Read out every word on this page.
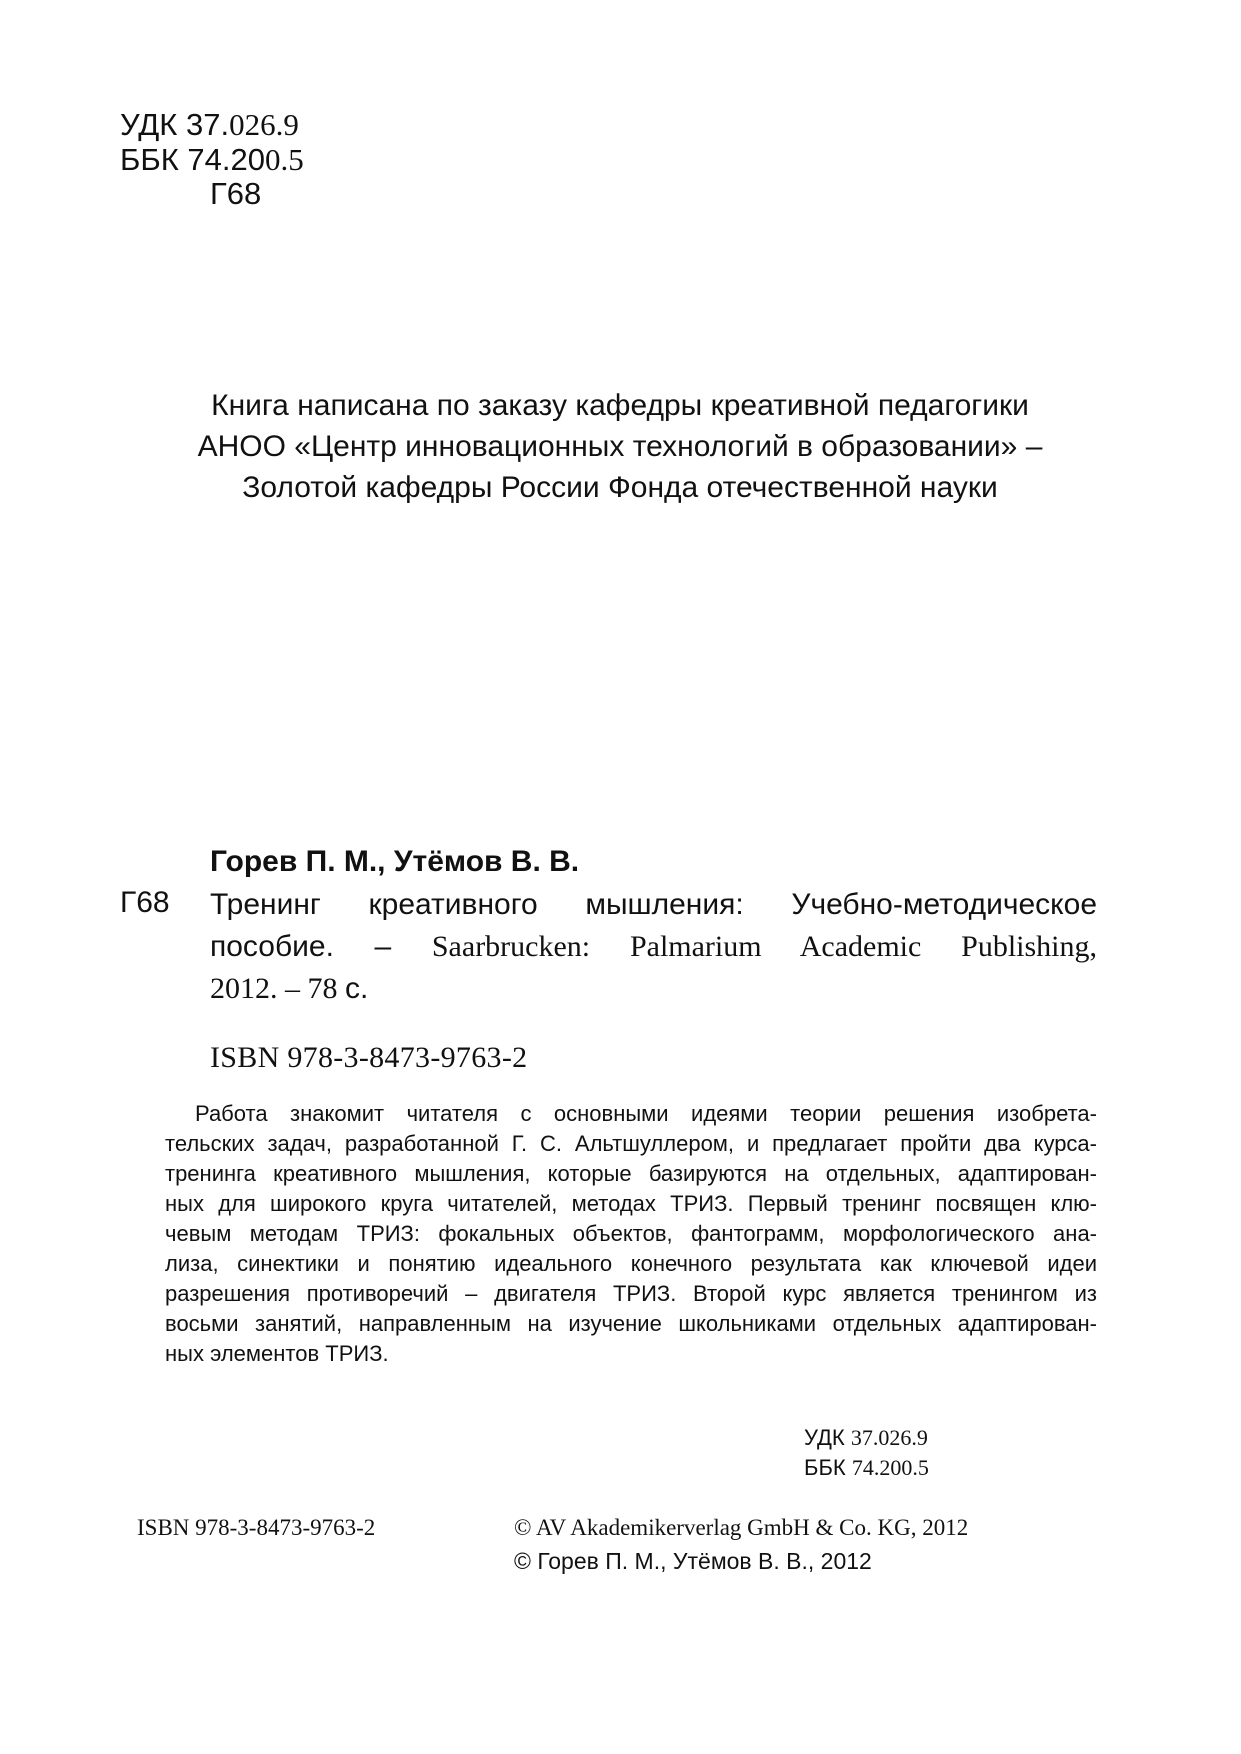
УДК 37.026.9
ББК 74.200.5
Г68
Книга написана по заказу кафедры креативной педагогики
АНОО «Центр инновационных технологий в образовании» –
Золотой кафедры России Фонда отечественной науки
Горев П. М., Утёмов В. В.
Г68 Тренинг креативного мышления: Учебно-методическое
пособие. – Saarbrucken: Palmarium Academic Publishing,
2012. – 78 с.
ISBN 978-3-8473-9763-2
Работа знакомит читателя с основными идеями теории решения изобрета-
тельских задач, разработанной Г. С. Альтшуллером, и предлагает пройти два курса-
тренинга креативного мышления, которые базируются на отдельных, адаптирован-
ных для широкого круга читателей, методах ТРИЗ. Первый тренинг посвящен клю-
чевым методам ТРИЗ: фокальных объектов, фантограмм, морфологического ана-
лиза, синектики и понятию идеального конечного результата как ключевой идеи
разрешения противоречий – двигателя ТРИЗ. Второй курс является тренингом из
восьми занятий, направленным на изучение школьниками отдельных адаптирован-
ных элементов ТРИЗ.
УДК 37.026.9
ББК 74.200.5
ISBN 978-3-8473-9763-2	© AV Akademikerverlag GmbH & Co. KG, 2012
© Горев П. М., Утёмов В. В., 2012
